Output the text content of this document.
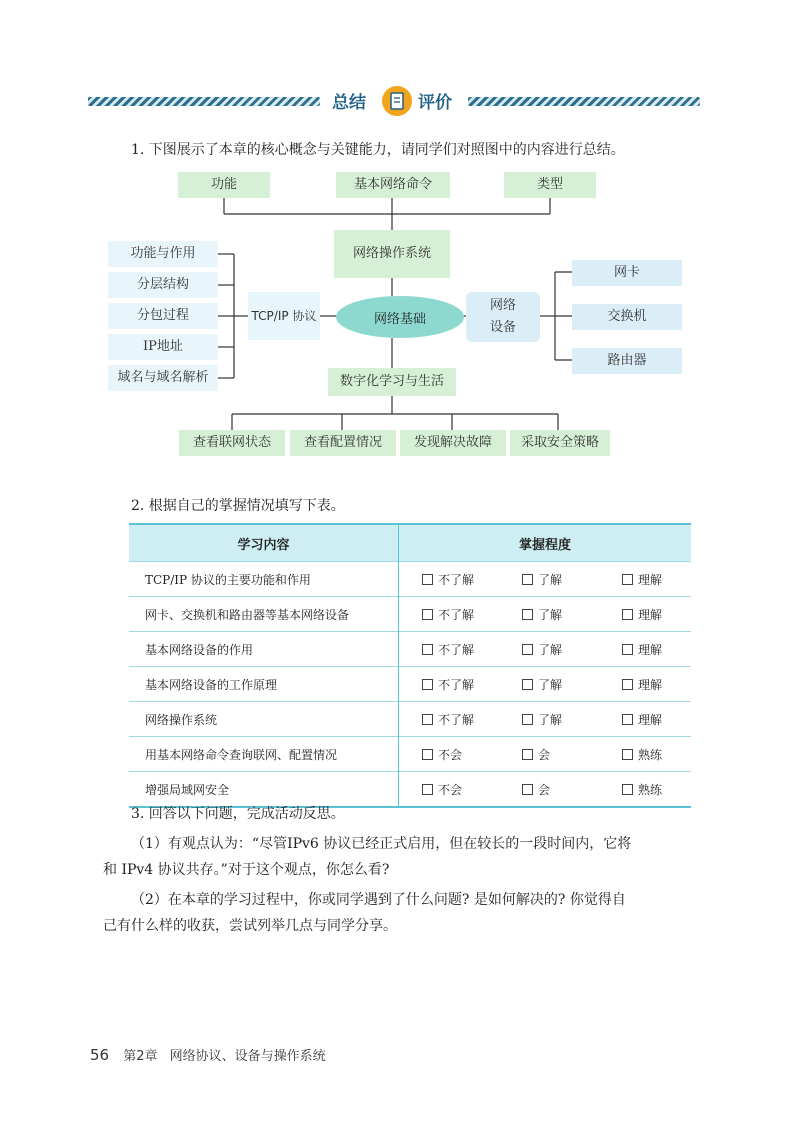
总结	评价
1. 下图展示了本章的核心概念与关键能力，请同学们对照图中的内容进行总结。
功能	基本网络命令	类型
网络操作系统
功能与作用
分层结构
分包过程
IP地址
域名与域名解析
TCP/IP 协议	网络基础
网络
设备
网卡
交换机
路由器
数字化学习与生活
查看联网状态	查看配置情况	发现解决故障	采取安全策略
2. 根据自己的掌握情况填写下表。
学习内容	掌握程度
TCP/IP 协议的主要功能和作用	不了解 了解 理解

网卡、交换机和路由器等基本网络设备	不了解 了解 理解

基本网络设备的作用	不了解 了解 理解

基本网络设备的工作原理	不了解 了解 理解

网络操作系统	不了解 了解 理解

用基本网络命令查询联网、配置情况	不会 会 熟练

增强局域网安全	不会 会 熟练
3. 回答以下问题，完成活动反思。
（1）有观点认为：“尽管IPv6 协议已经正式启用，但在较长的一段时间内，它将
和 IPv4 协议共存。”对于这个观点，你怎么看?
（2）在本章的学习过程中，你或同学遇到了什么问题? 是如何解决的? 你觉得自
己有什么样的收获，尝试列举几点与同学分享。
56 第2章 网络协议、设备与操作系统
